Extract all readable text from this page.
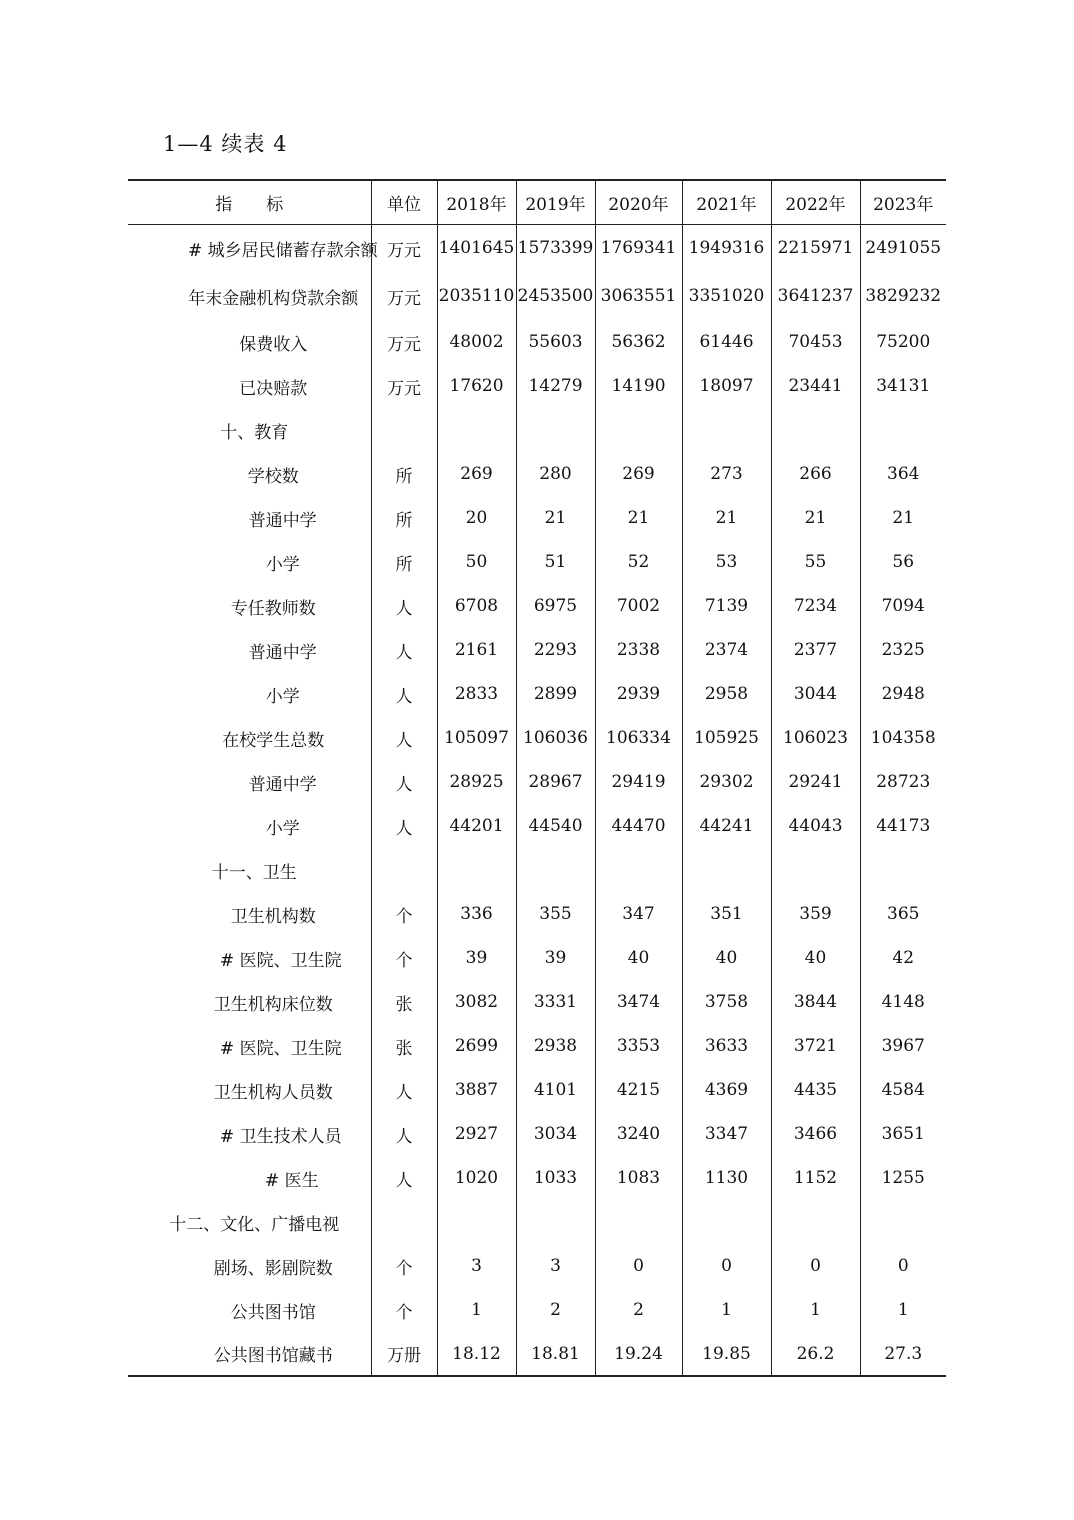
1—4 续表 4
指　　标	单位	2018年	2019年	2020年	2021年	2022年	2023年
# 城乡居民储蓄存款余额	万元	1401645	1573399	1769341	1949316	2215971	2491055
年末金融机构贷款余额	万元	2035110	2453500	3063551	3351020	3641237	3829232
保费收入	万元	48002	55603	56362	61446	70453	75200
已决赔款	万元	17620	14279	14190	18097	23441	34131
十、教育							
学校数	所	269	280	269	273	266	364
普通中学	所	20	21	21	21	21	21
小学	所	50	51	52	53	55	56
专任教师数	人	6708	6975	7002	7139	7234	7094
普通中学	人	2161	2293	2338	2374	2377	2325
小学	人	2833	2899	2939	2958	3044	2948
在校学生总数	人	105097	106036	106334	105925	106023	104358
普通中学	人	28925	28967	29419	29302	29241	28723
小学	人	44201	44540	44470	44241	44043	44173
十一、卫生							
卫生机构数	个	336	355	347	351	359	365
# 医院、卫生院	个	39	39	40	40	40	42
卫生机构床位数	张	3082	3331	3474	3758	3844	4148
# 医院、卫生院	张	2699	2938	3353	3633	3721	3967
卫生机构人员数	人	3887	4101	4215	4369	4435	4584
# 卫生技术人员	人	2927	3034	3240	3347	3466	3651
# 医生	人	1020	1033	1083	1130	1152	1255
十二、文化、广播电视							
剧场、影剧院数	个	3	3	0	0	0	0
公共图书馆	个	1	2	2	1	1	1
公共图书馆藏书	万册	18.12	18.81	19.24	19.85	26.2	27.3
